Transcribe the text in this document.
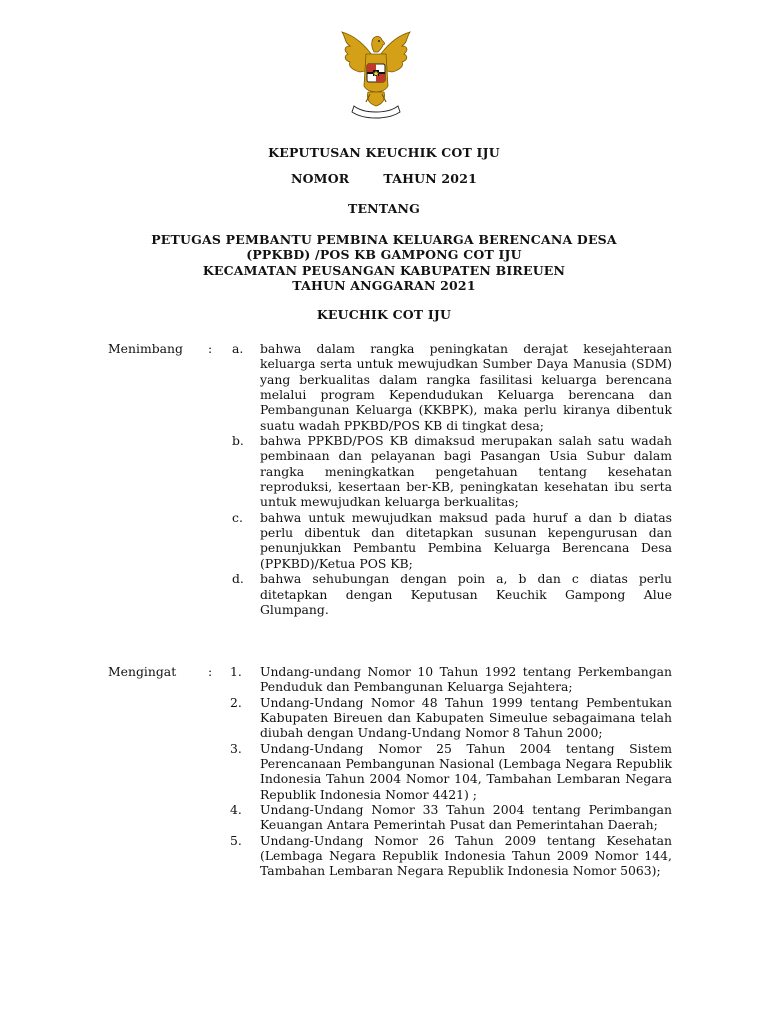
KEPUTUSAN KEUCHIK COT IJU
NOMOR	TAHUN 2021
TENTANG
PETUGAS PEMBANTU PEMBINA KELUARGA BERENCANA DESA
(PPKBD) /POS KB GAMPONG COT IJU
KECAMATAN PEUSANGAN KABUPATEN BIREUEN
TAHUN ANGGARAN 2021
KEUCHIK COT IJU
Menimbang : a. bahwa dalam rangka peningkatan derajat kesejahteraan keluarga serta untuk mewujudkan Sumber Daya Manusia (SDM) yang berkualitas dalam rangka fasilitasi keluarga berencana melalui program Kependudukan Keluarga berencana dan Pembangunan Keluarga (KKBPK), maka perlu kiranya dibentuk suatu wadah PPKBD/POS KB di tingkat desa;
b. bahwa PPKBD/POS KB dimaksud merupakan salah satu wadah pembinaan dan pelayanan bagi Pasangan Usia Subur dalam rangka meningkatkan pengetahuan tentang kesehatan reproduksi, kesertaan ber-KB, peningkatan kesehatan ibu serta untuk mewujudkan keluarga berkualitas;
c. bahwa untuk mewujudkan maksud pada huruf a dan b diatas perlu dibentuk dan ditetapkan susunan kepengurusan dan penunjukkan Pembantu Pembina Keluarga Berencana Desa (PPKBD)/Ketua POS KB;
d. bahwa sehubungan dengan poin a, b dan c diatas perlu ditetapkan dengan Keputusan Keuchik Gampong Alue Glumpang.
Mengingat	: 1. Undang-undang Nomor 10 Tahun 1992 tentang Perkembangan Penduduk dan Pembangunan Keluarga Sejahtera;
2. Undang-Undang Nomor 48 Tahun 1999 tentang Pembentukan Kabupaten Bireuen dan Kabupaten Simeulue sebagaimana telah diubah dengan Undang-Undang Nomor 8 Tahun 2000;
3. Undang-Undang Nomor 25 Tahun 2004 tentang Sistem Perencanaan Pembangunan Nasional (Lembaga Negara Republik Indonesia Tahun 2004 Nomor 104, Tambahan Lembaran Negara Republik Indonesia Nomor 4421) ;
4. Undang-Undang Nomor 33 Tahun 2004 tentang Perimbangan Keuangan Antara Pemerintah Pusat dan Pemerintahan Daerah;
5. Undang-Undang Nomor 26 Tahun 2009 tentang Kesehatan (Lembaga Negara Republik Indonesia Tahun 2009 Nomor 144, Tambahan Lembaran Negara Republik Indonesia Nomor 5063);
